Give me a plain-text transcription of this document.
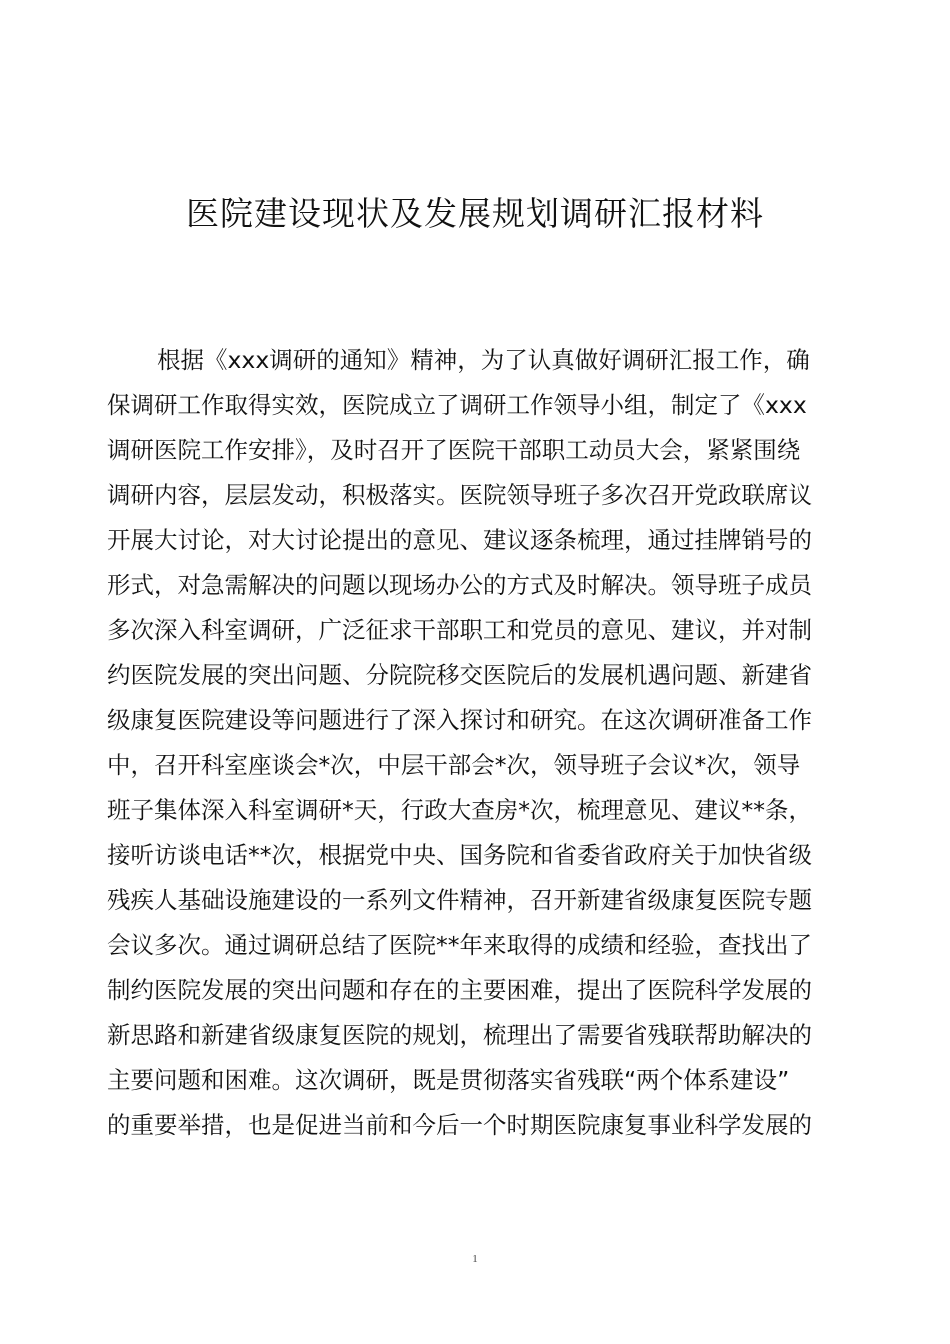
医院建设现状及发展规划调研汇报材料
根据《xxx调研的通知》精神，为了认真做好调研汇报工作，确
保调研工作取得实效，医院成立了调研工作领导小组，制定了《xxx
调研医院工作安排》，及时召开了医院干部职工动员大会，紧紧围绕
调研内容，层层发动，积极落实。医院领导班子多次召开党政联席议
开展大讨论，对大讨论提出的意见、建议逐条梳理，通过挂牌销号的
形式，对急需解决的问题以现场办公的方式及时解决。领导班子成员
多次深入科室调研，广泛征求干部职工和党员的意见、建议，并对制
约医院发展的突出问题、分院院移交医院后的发展机遇问题、新建省
级康复医院建设等问题进行了深入探讨和研究。在这次调研准备工作
中，召开科室座谈会*次，中层干部会*次，领导班子会议*次，领导
班子集体深入科室调研*天，行政大查房*次，梳理意见、建议**条，
接听访谈电话**次，根据党中央、国务院和省委省政府关于加快省级
残疾人基础设施建设的一系列文件精神，召开新建省级康复医院专题
会议多次。通过调研总结了医院**年来取得的成绩和经验，查找出了
制约医院发展的突出问题和存在的主要困难，提出了医院科学发展的
新思路和新建省级康复医院的规划，梳理出了需要省残联帮助解决的
主要问题和困难。这次调研，既是贯彻落实省残联“两个体系建设”
的重要举措，也是促进当前和今后一个时期医院康复事业科学发展的
1
